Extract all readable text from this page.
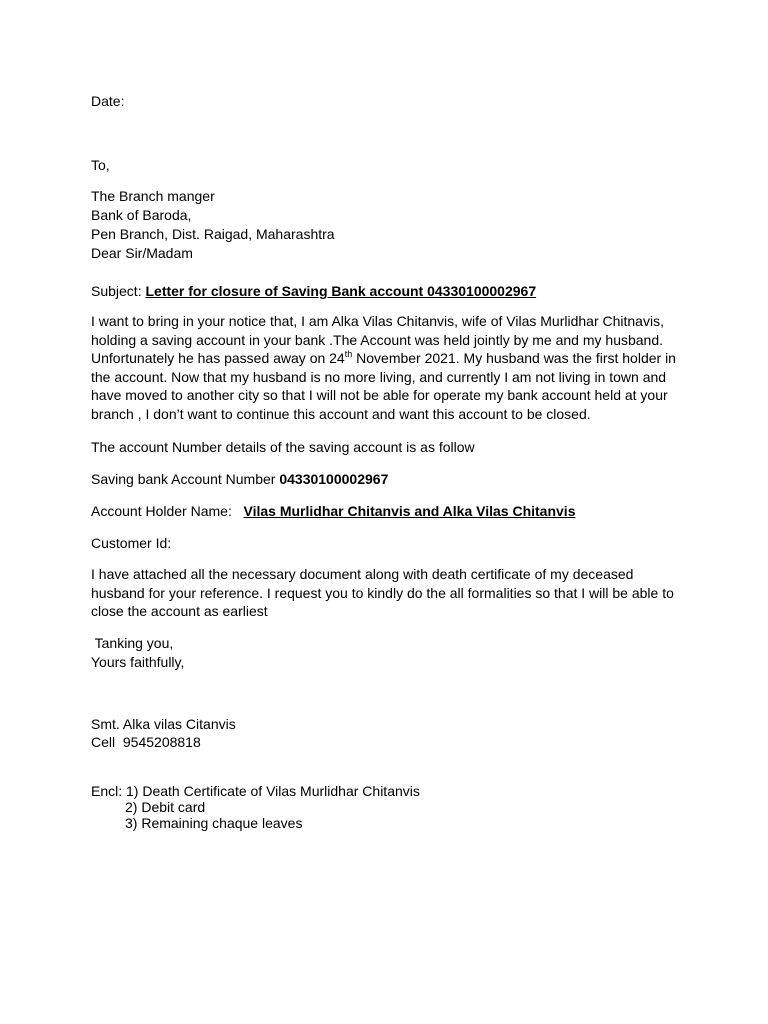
Date:
To,
The Branch manger
Bank of Baroda,
Pen Branch, Dist. Raigad, Maharashtra
Dear Sir/Madam
Subject: Letter for closure of Saving Bank account 04330100002967
I want to bring in your notice that, I am Alka Vilas Chitanvis, wife of Vilas Murlidhar Chitnavis,
holding a saving account in your bank .The Account was held jointly by me and my husband.
Unfortunately he has passed away on 24th November 2021. My husband was the first holder in
the account. Now that my husband is no more living, and currently I am not living in town and
have moved to another city so that I will not be able for operate my bank account held at your
branch , I don’t want to continue this account and want this account to be closed.
The account Number details of the saving account is as follow
Saving bank Account Number 04330100002967
Account Holder Name:   Vilas Murlidhar Chitanvis and Alka Vilas Chitanvis
Customer Id:
I have attached all the necessary document along with death certificate of my deceased
husband for your reference. I request you to kindly do the all formalities so that I will be able to
close the account as earliest
Tanking you,
Yours faithfully,
Smt. Alka vilas Citanvis
Cell  9545208818
Encl: 1) Death Certificate of Vilas Murlidhar Chitanvis
2) Debit card
3) Remaining chaque leaves
